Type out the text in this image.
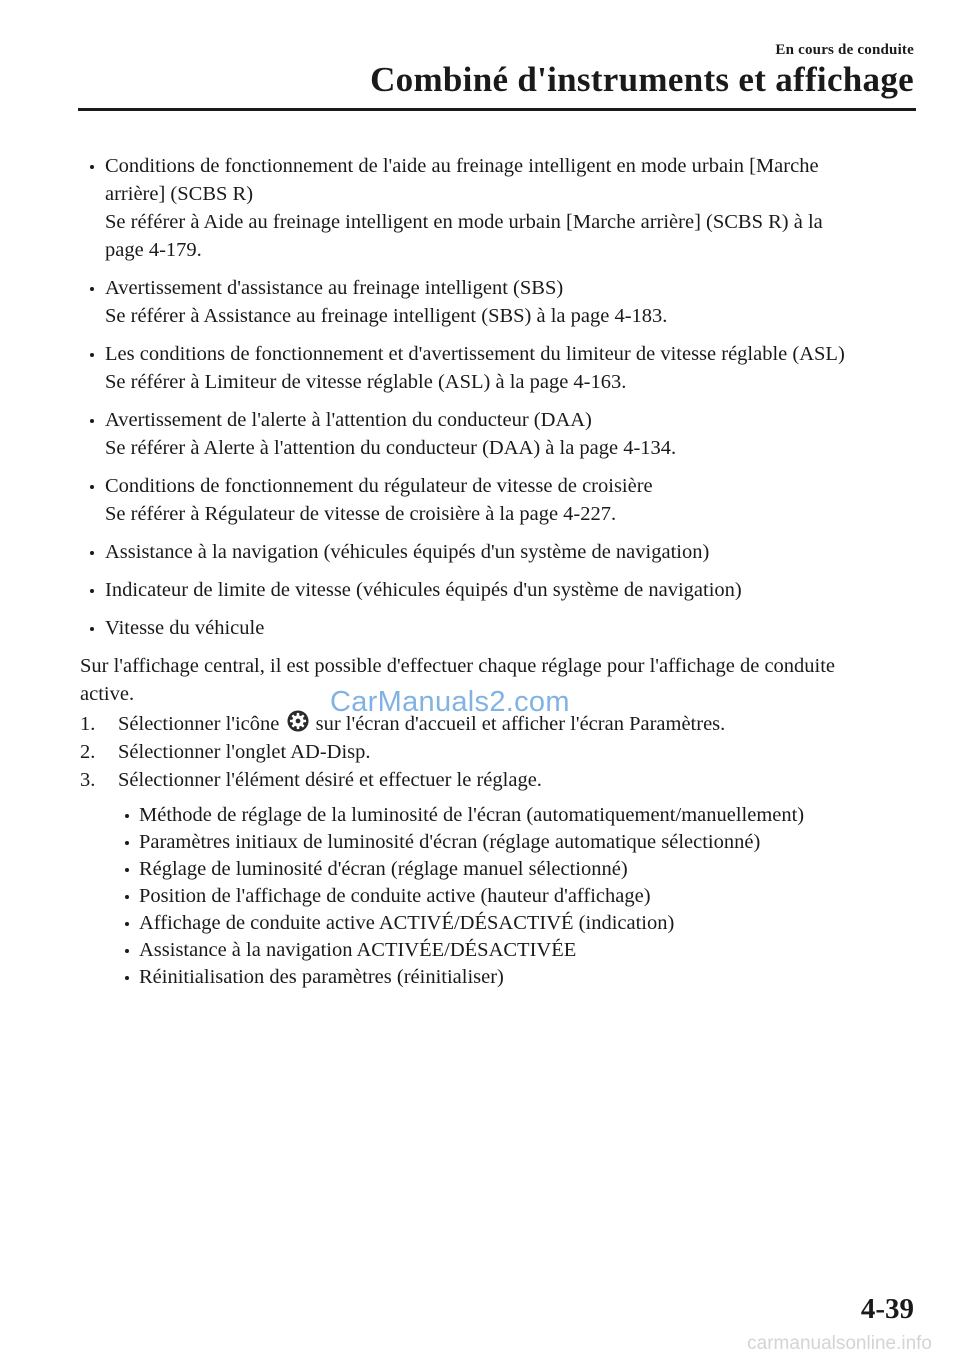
En cours de conduite
Combiné d'instruments et affichage
Conditions de fonctionnement de l'aide au freinage intelligent en mode urbain [Marche
arrière] (SCBS R)
Se référer à Aide au freinage intelligent en mode urbain [Marche arrière] (SCBS R) à la
page 4-179.
Avertissement d'assistance au freinage intelligent (SBS)
Se référer à Assistance au freinage intelligent (SBS) à la page 4-183.
Les conditions de fonctionnement et d'avertissement du limiteur de vitesse réglable (ASL)
Se référer à Limiteur de vitesse réglable (ASL) à la page 4-163.
Avertissement de l'alerte à l'attention du conducteur (DAA)
Se référer à Alerte à l'attention du conducteur (DAA) à la page 4-134.
Conditions de fonctionnement du régulateur de vitesse de croisière
Se référer à Régulateur de vitesse de croisière à la page 4-227.
Assistance à la navigation (véhicules équipés d'un système de navigation)
Indicateur de limite de vitesse (véhicules équipés d'un système de navigation)
Vitesse du véhicule
Sur l'affichage central, il est possible d'effectuer chaque réglage pour l'affichage de conduite
active.
1. Sélectionner l'icône sur l'écran d'accueil et afficher l'écran Paramètres.
2. Sélectionner l'onglet AD-Disp.
3. Sélectionner l'élément désiré et effectuer le réglage.
Méthode de réglage de la luminosité de l'écran (automatiquement/manuellement)
Paramètres initiaux de luminosité d'écran (réglage automatique sélectionné)
Réglage de luminosité d'écran (réglage manuel sélectionné)
Position de l'affichage de conduite active (hauteur d'affichage)
Affichage de conduite active ACTIVÉ/DÉSACTIVÉ (indication)
Assistance à la navigation ACTIVÉE/DÉSACTIVÉE
Réinitialisation des paramètres (réinitialiser)
CarManuals2.com
4-39
carmanualsonline.info
